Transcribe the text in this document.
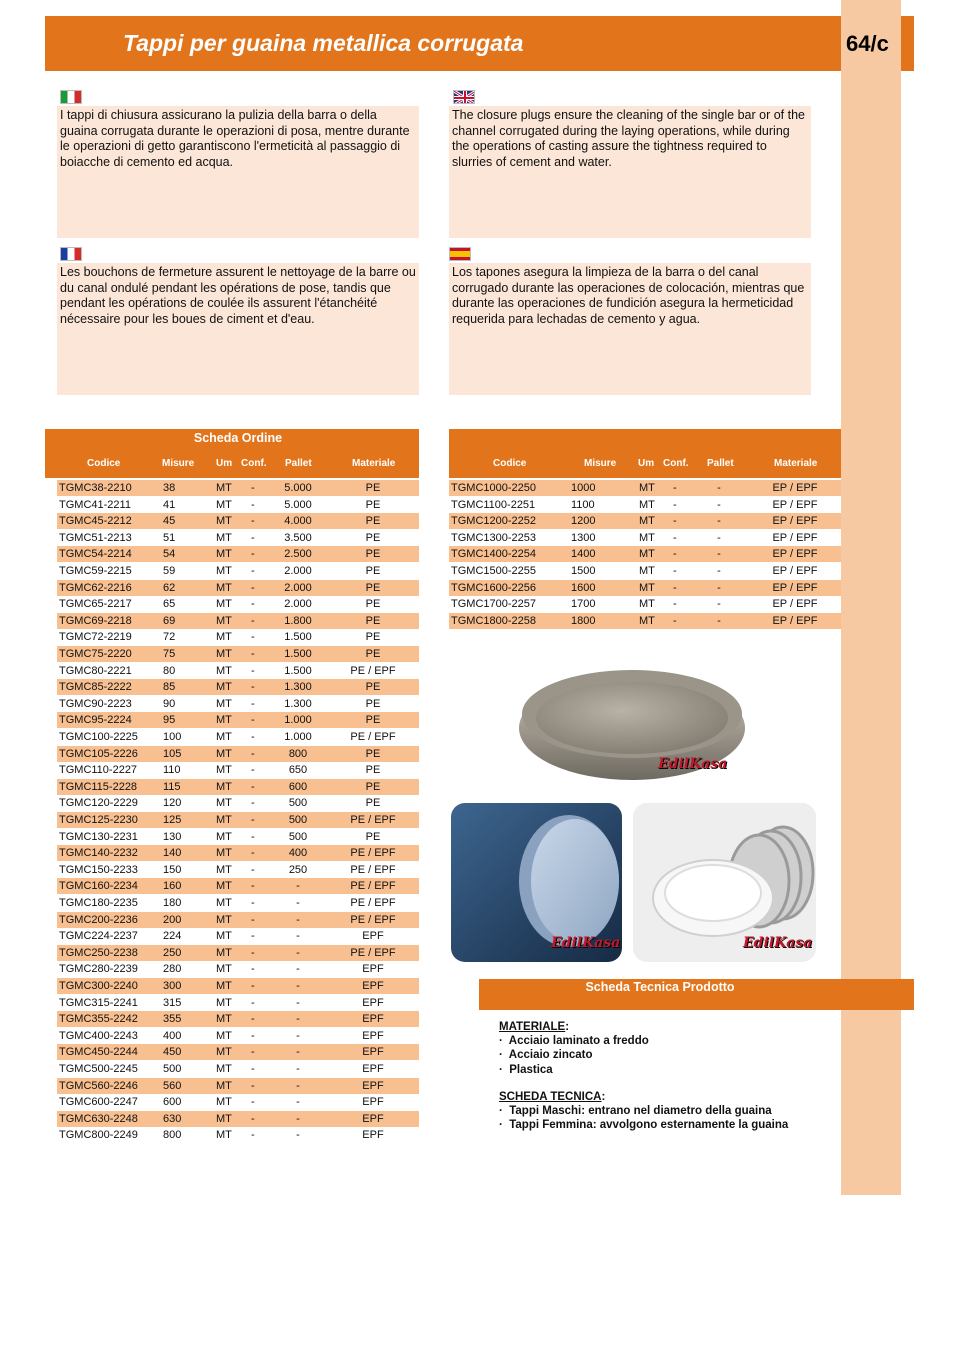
Tappi per guaina metallica corrugata	64/c
I tappi di chiusura assicurano la pulizia della barra o della guaina corrugata durante le operazioni di posa, mentre durante le operazioni di getto garantiscono l'ermeticità al passaggio di boiacche di cemento ed acqua.
The closure plugs ensure the cleaning of the single bar or of the channel corrugated during the laying operations, while during the operations of casting assure the tightness required to slurries of cement and water.
Les bouchons de fermeture assurent le nettoyage de la barre ou du canal ondulé pendant les opérations de pose, tandis que pendant les opérations de coulée ils assurent l'étanchéité nécessaire pour les boues de ciment et d'eau.
Los tapones asegura la limpieza de la barra o del canal corrugado durante las operaciones de colocación, mientras que durante las operaciones de fundición asegura la hermeticidad requerida para lechadas de cemento y agua.
Scheda Ordine
Codice	Misure Um Conf. Pallet	Materiale	Codice	Misure Um Conf. Pallet	Materiale
TGMC38-2210	38	MT -	5.000	PE
TGMC41-2211	41	MT -	5.000	PE
TGMC45-2212	45	MT -	4.000	PE
TGMC51-2213	51	MT -	3.500	PE
TGMC54-2214	54	MT -	2.500	PE
TGMC59-2215	59	MT -	2.000	PE
TGMC62-2216	62	MT -	2.000	PE
TGMC65-2217	65	MT -	2.000	PE
TGMC69-2218	69	MT -	1.800	PE
TGMC72-2219	72	MT -	1.500	PE
TGMC75-2220	75	MT -	1.500	PE
TGMC80-2221	80	MT -	1.500	PE / EPF
TGMC85-2222	85	MT -	1.300	PE
TGMC90-2223	90	MT -	1.300	PE
TGMC95-2224	95	MT -	1.000	PE
TGMC100-2225 100	MT -	1.000	PE / EPF
TGMC105-2226 105	MT -	800	PE
TGMC110-2227 110	MT -	650	PE
TGMC115-2228 115	MT -	600	PE
TGMC120-2229 120	MT -	500	PE
TGMC125-2230 125	MT -	500	PE / EPF
TGMC130-2231 130	MT -	500	PE
TGMC140-2232 140	MT -	400	PE / EPF
TGMC150-2233 150	MT -	250	PE / EPF
TGMC160-2234 160	MT -	-	PE / EPF
TGMC180-2235 180	MT -	-	PE / EPF
TGMC200-2236 200	MT -	-	PE / EPF
TGMC224-2237 224	MT -	-	EPF
TGMC250-2238 250	MT -	-	PE / EPF
TGMC280-2239 280	MT -	-	EPF
TGMC300-2240 300	MT -	-	EPF
TGMC315-2241 315	MT -	-	EPF
TGMC355-2242 355	MT -	-	EPF
TGMC400-2243 400	MT -	-	EPF
TGMC450-2244 450	MT -	-	EPF
TGMC500-2245 500	MT -	-	EPF
TGMC560-2246 560	MT -	-	EPF
TGMC600-2247 600	MT -	-	EPF
TGMC630-2248 630	MT -	-	EPF
TGMC800-2249 800	MT -	-	EPF
TGMC1000-2250	1000	MT -	-	EP / EPF
TGMC1100-2251	1100	MT -	-	EP / EPF
TGMC1200-2252	1200	MT -	-	EP / EPF
TGMC1300-2253	1300	MT -	-	EP / EPF
TGMC1400-2254	1400	MT -	-	EP / EPF
TGMC1500-2255	1500	MT -	-	EP / EPF
TGMC1600-2256	1600	MT -	-	EP / EPF
TGMC1700-2257	1700	MT -	-	EP / EPF
TGMC1800-2258	1800	MT -	-	EP / EPF
EdilKasa
EdilKasa	EdilKasa
Scheda Tecnica Prodotto
MATERIALE:
·  Acciaio laminato a freddo
·  Acciaio zincato
·  Plastica
SCHEDA TECNICA:
·  Tappi Maschi: entrano nel diametro della guaina
·  Tappi Femmina: avvolgono esternamente la guaina
